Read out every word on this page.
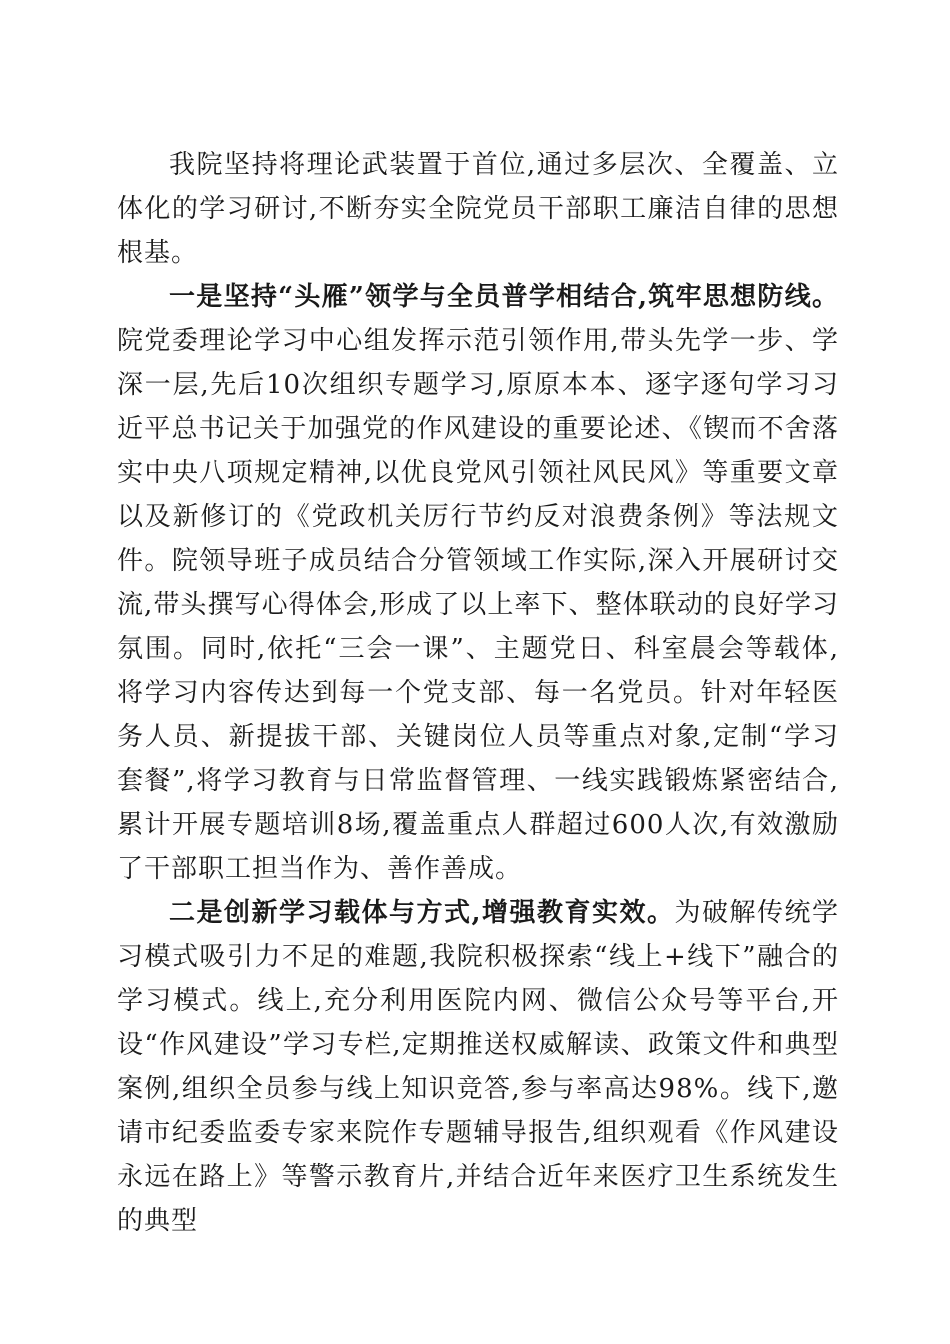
我院坚持将理论武装置于首位,通过多层次、全覆盖、立体化的学习研讨,不断夯实全院党员干部职工廉洁自律的思想根基。

一是坚持“头雁”领学与全员普学相结合,筑牢思想防线。院党委理论学习中心组发挥示范引领作用,带头先学一步、学深一层,先后10次组织专题学习,原原本本、逐字逐句学习习近平总书记关于加强党的作风建设的重要论述、《锲而不舍落实中央八项规定精神,以优良党风引领社风民风》等重要文章以及新修订的《党政机关厉行节约反对浪费条例》等法规文件。院领导班子成员结合分管领域工作实际,深入开展研讨交流,带头撰写心得体会,形成了以上率下、整体联动的良好学习氛围。同时,依托“三会一课”、主题党日、科室晨会等载体,将学习内容传达到每一个党支部、每一名党员。针对年轻医务人员、新提拔干部、关键岗位人员等重点对象,定制“学习套餐”,将学习教育与日常监督管理、一线实践锻炼紧密结合,累计开展专题培训8场,覆盖重点人群超过600人次,有效激励了干部职工担当作为、善作善成。

二是创新学习载体与方式,增强教育实效。为破解传统学习模式吸引力不足的难题,我院积极探索“线上+线下”融合的学习模式。线上,充分利用医院内网、微信公众号等平台,开设“作风建设”学习专栏,定期推送权威解读、政策文件和典型案例,组织全员参与线上知识竞答,参与率高达98%。线下,邀请市纪委监委专家来院作专题辅导报告,组织观看《作风建设永远在路上》等警示教育片,并结合近年来医疗卫生系统发生的典型
